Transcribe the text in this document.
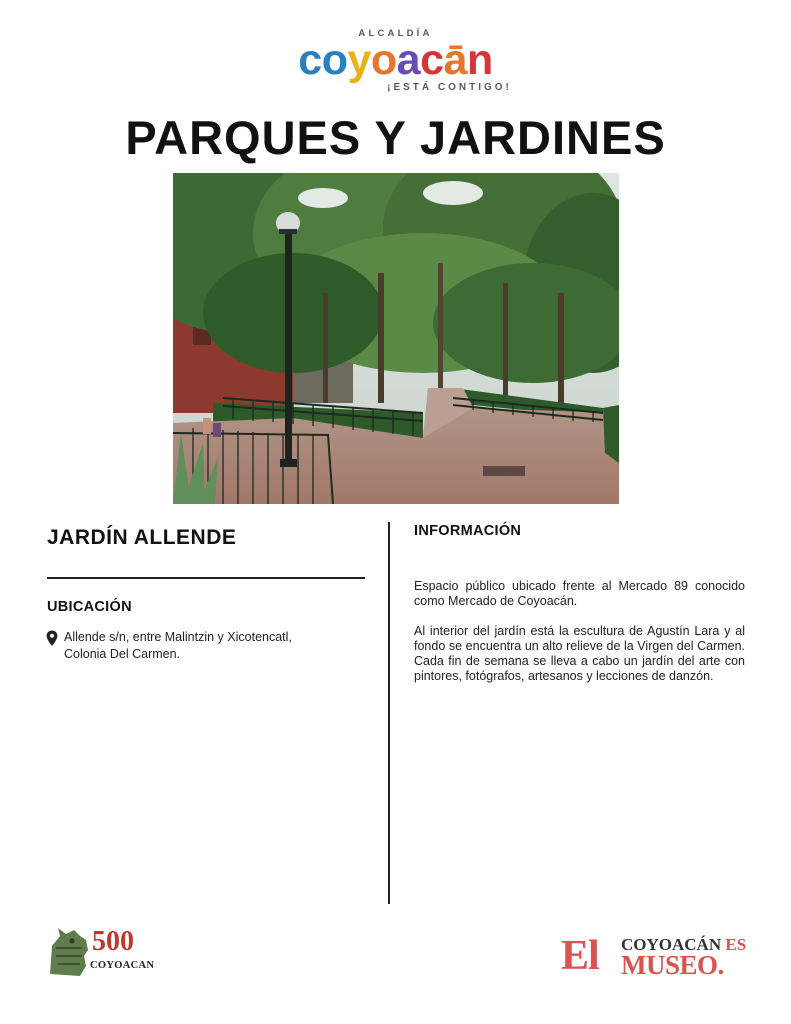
ALCALDÍA
coyoacān
¡ESTÁ CONTIGO!
PARQUES Y JARDINES
JARDÍN ALLENDE
UBICACIÓN
Allende s/n, entre Malintzin y Xicotencatl,
Colonia Del Carmen.
INFORMACIÓN

Espacio público ubicado frente al Mercado 89 conocido como Mercado de Coyoacán.

Al interior del jardín está la escultura de Agustín Lara y al fondo se encuentra un alto relieve de la Virgen del Carmen. Cada fin de semana se lleva a cabo un jardín del arte con pintores, fotógrafos, artesanos y lecciones de danzón.

500
COYOACAN	El COYOACÁN ES
MUSEO.
